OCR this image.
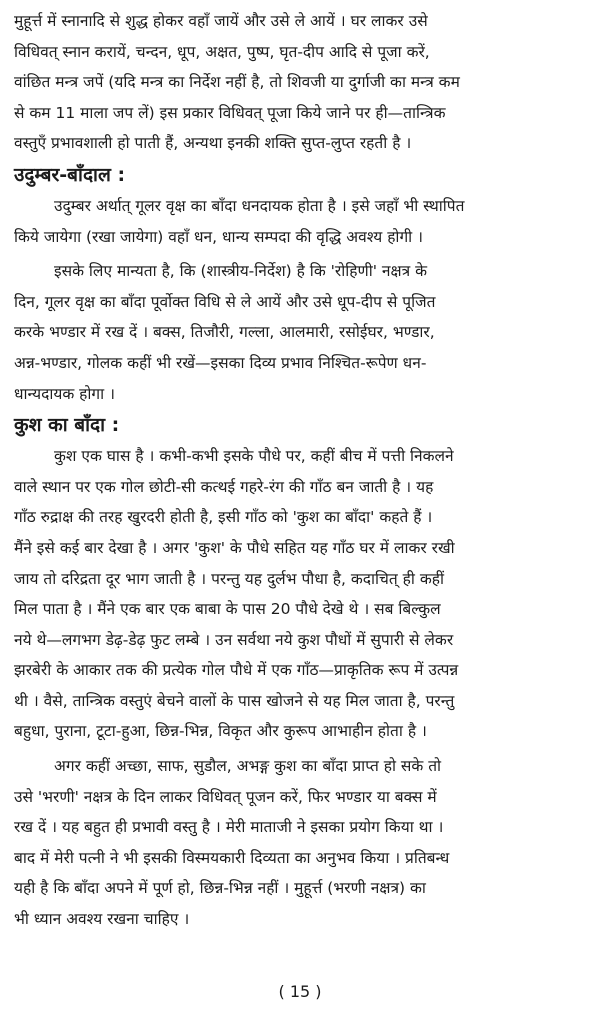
मुहूर्त्त में स्नानादि से शुद्ध होकर वहाँ जायें और उसे ले आयें । घर लाकर उसे
विधिवत् स्नान करायें, चन्दन, धूप, अक्षत, पुष्प, घृत-दीप आदि से पूजा करें,
वांछित मन्त्र जपें (यदि मन्त्र का निर्देश नहीं है, तो शिवजी या दुर्गाजी का मन्त्र कम
से कम 11 माला जप लें) इस प्रकार विधिवत् पूजा किये जाने पर ही—तान्त्रिक
वस्तुएँ प्रभावशाली हो पाती हैं, अन्यथा इनकी शक्ति सुप्त-लुप्त रहती है ।
उदुम्बर-बाँदाल :
उदुम्बर अर्थात् गूलर वृक्ष का बाँदा धनदायक होता है । इसे जहाँ भी स्थापित
किये जायेगा (रखा जायेगा) वहाँ धन, धान्य सम्पदा की वृद्धि अवश्य होगी ।
इसके लिए मान्यता है, कि (शास्त्रीय-निर्देश) है कि 'रोहिणी' नक्षत्र के
दिन, गूलर वृक्ष का बाँदा पूर्वोक्त विधि से ले आयें और उसे धूप-दीप से पूजित
करके भण्डार में रख दें । बक्स, तिजौरी, गल्ला, आलमारी, रसोईघर, भण्डार,
अन्न-भण्डार, गोलक कहीं भी रखें—इसका दिव्य प्रभाव निश्चित-रूपेण धन-
धान्यदायक होगा ।
कुश का बाँदा :
कुश एक घास है । कभी-कभी इसके पौधे पर, कहीं बीच में पत्ती निकलने
वाले स्थान पर एक गोल छोटी-सी कत्थई गहरे-रंग की गाँठ बन जाती है । यह
गाँठ रुद्राक्ष की तरह खुरदरी होती है, इसी गाँठ को 'कुश का बाँदा' कहते हैं ।
मैंने इसे कई बार देखा है । अगर 'कुश' के पौधे सहित यह गाँठ घर में लाकर रखी
जाय तो दरिद्रता दूर भाग जाती है । परन्तु यह दुर्लभ पौधा है, कदाचित् ही कहीं
मिल पाता है । मैंने एक बार एक बाबा के पास 20 पौधे देखे थे । सब बिल्कुल
नये थे—लगभग डेढ़-डेढ़ फुट लम्बे । उन सर्वथा नये कुश पौधों में सुपारी से लेकर
झरबेरी के आकार तक की प्रत्येक गोल पौधे में एक गाँठ—प्राकृतिक रूप में उत्पन्न
थी । वैसे, तान्त्रिक वस्तुएं बेचने वालों के पास खोजने से यह मिल जाता है, परन्तु
बहुधा, पुराना, टूटा-हुआ, छिन्न-भिन्न, विकृत और कुरूप आभाहीन होता है ।
अगर कहीं अच्छा, साफ, सुडौल, अभङ्ग कुश का बाँदा प्राप्त हो सके तो
उसे 'भरणी' नक्षत्र के दिन लाकर विधिवत् पूजन करें, फिर भण्डार या बक्स में
रख दें । यह बहुत ही प्रभावी वस्तु है । मेरी माताजी ने इसका प्रयोग किया था ।
बाद में मेरी पत्नी ने भी इसकी विस्मयकारी दिव्यता का अनुभव किया । प्रतिबन्ध
यही है कि बाँदा अपने में पूर्ण हो, छिन्न-भिन्न नहीं । मुहूर्त्त (भरणी नक्षत्र) का
भी ध्यान अवश्य रखना चाहिए ।
( 15 )
